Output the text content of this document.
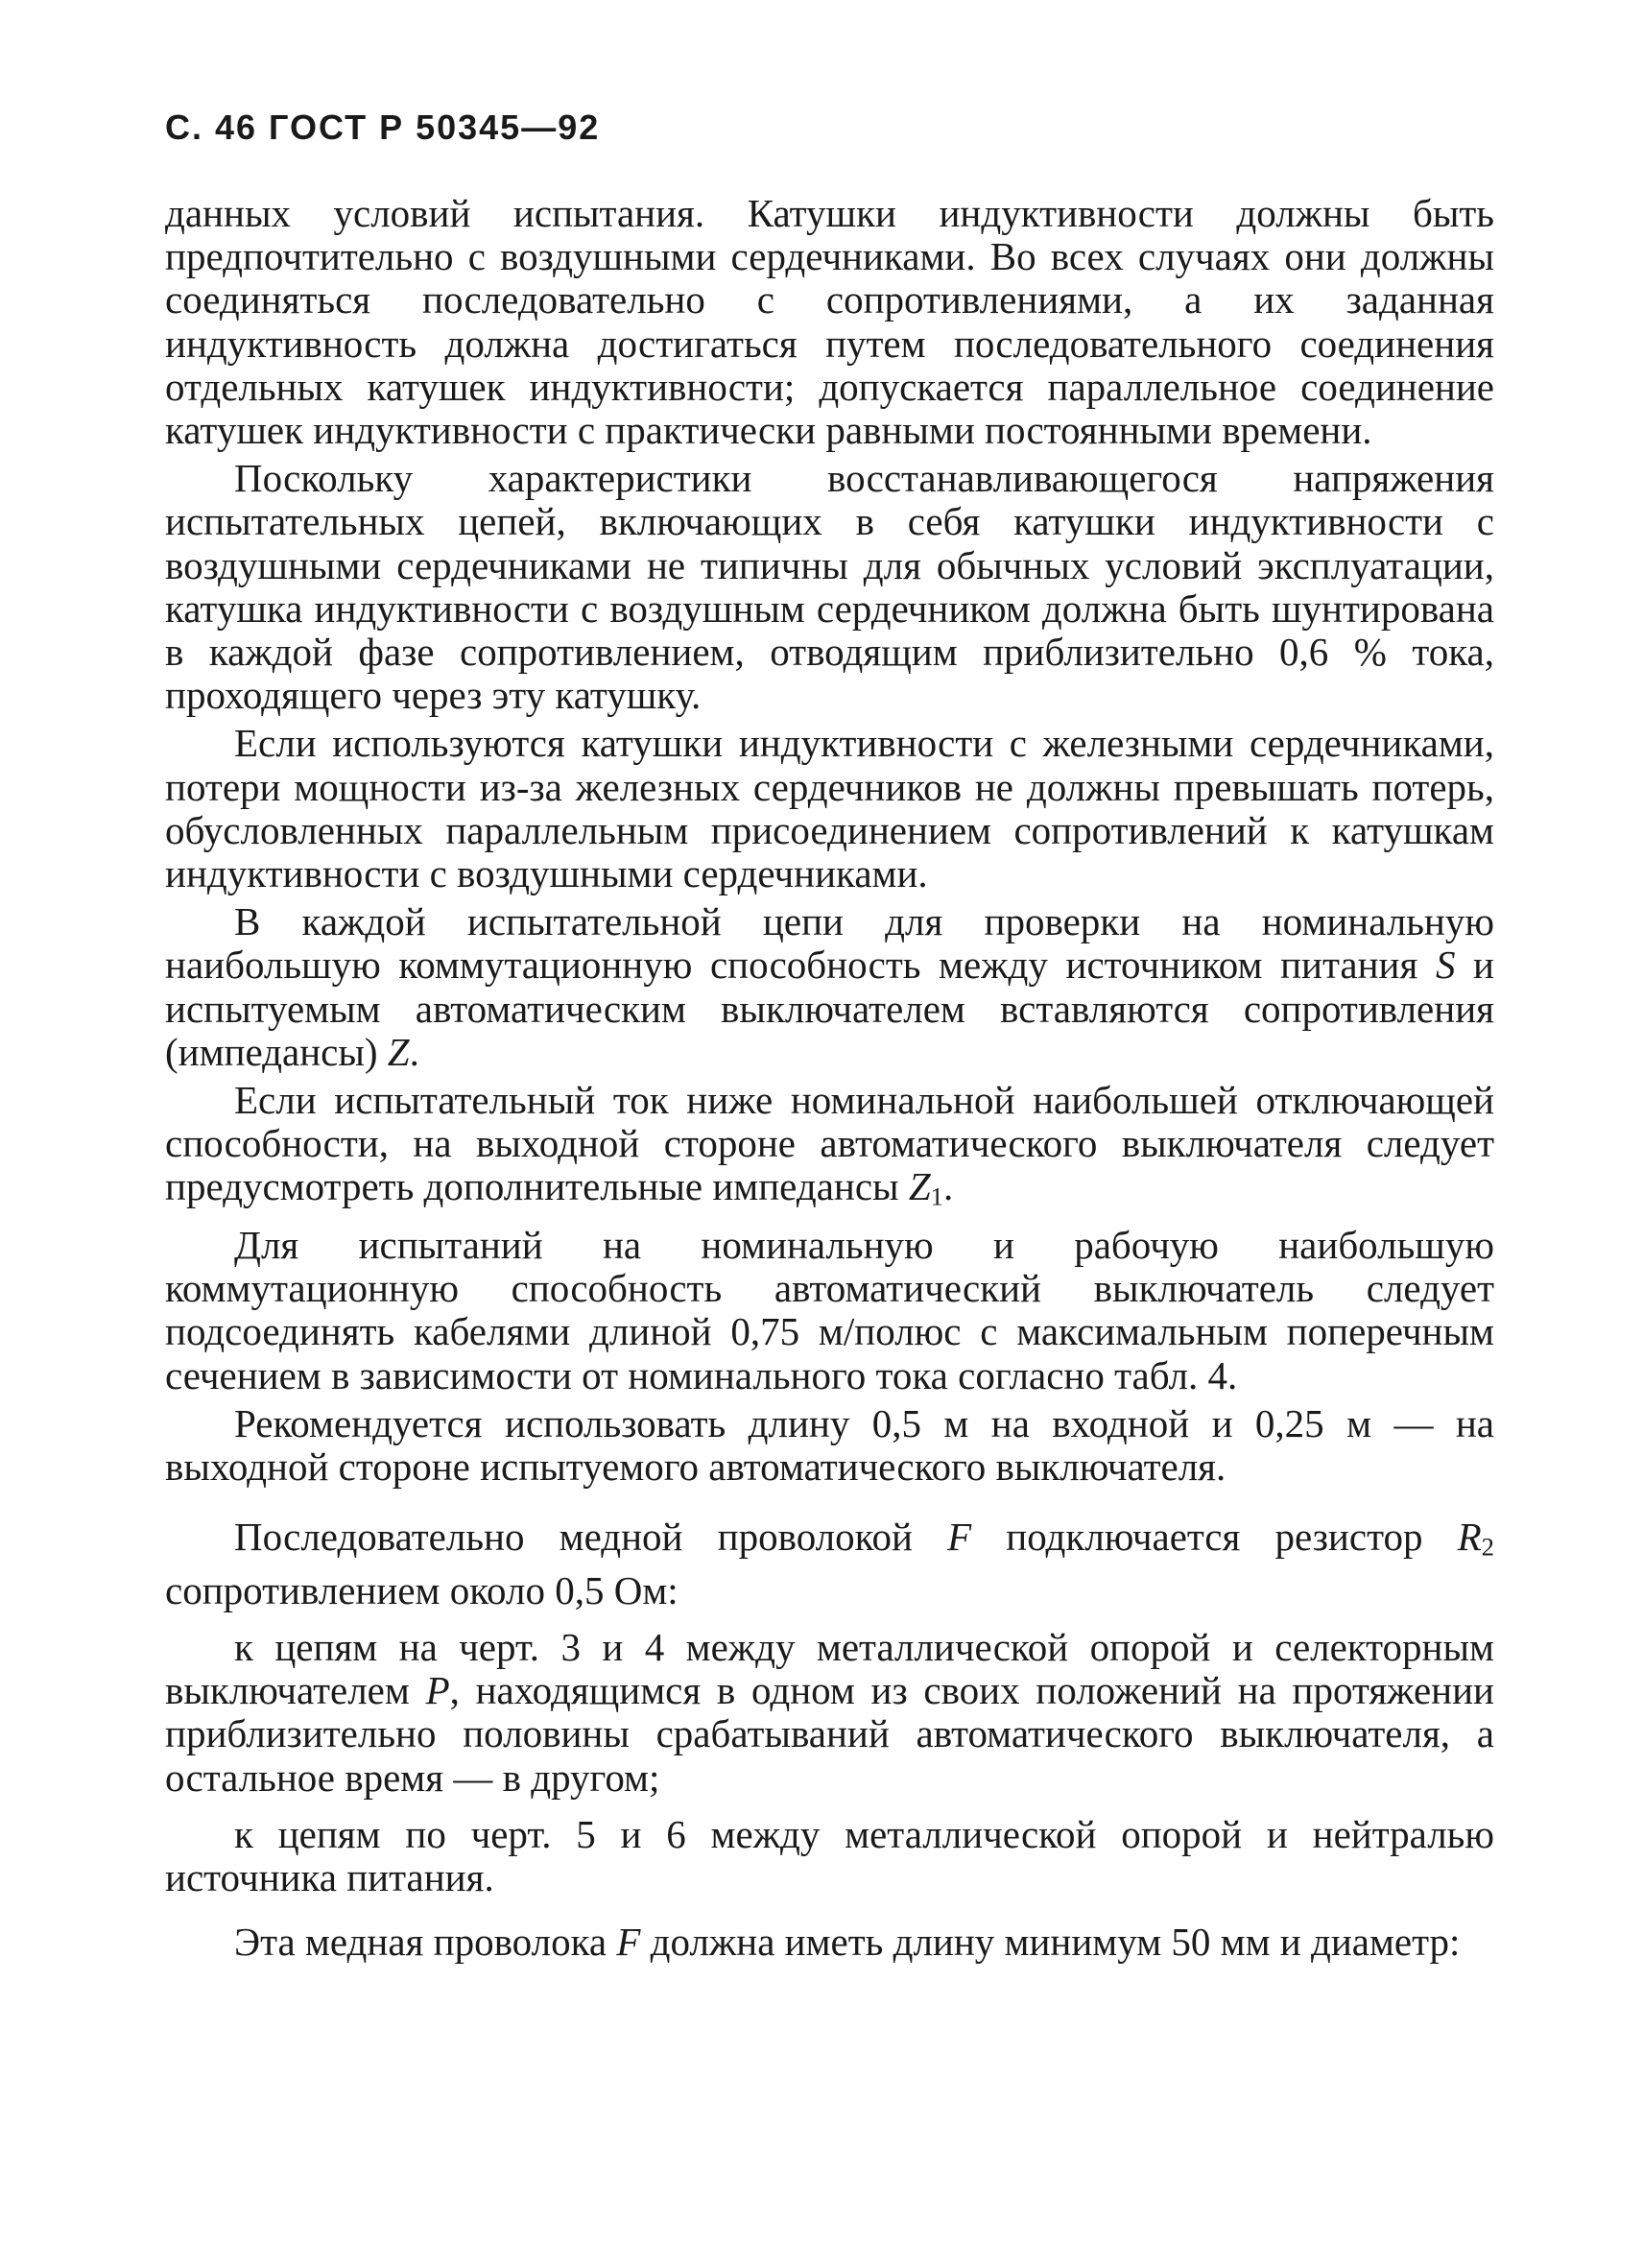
С. 46 ГОСТ Р 50345—92

данных условий испытания. Катушки индуктивности должны быть предпочтительно с воздушными сердечниками. Во всех случаях они должны соединяться последовательно с сопротивлениями, а их заданная индуктивность должна достигаться путем последовательного соединения отдельных катушек индуктивности; допускается параллельное соединение катушек индуктивности с практически равными постоянными времени.

Поскольку характеристики восстанавливающегося напряжения испытательных цепей, включающих в себя катушки индуктивности с воздушными сердечниками не типичны для обычных условий эксплуатации, катушка индуктивности с воздушным сердечником должна быть шунтирована в каждой фазе сопротивлением, отводящим приблизительно 0,6 % тока, проходящего через эту катушку.

Если используются катушки индуктивности с железными сердечниками, потери мощности из-за железных сердечников не должны превышать потерь, обусловленных параллельным присоединением сопротивлений к катушкам индуктивности с воздушными сердечниками.

В каждой испытательной цепи для проверки на номинальную наибольшую коммутационную способность между источником питания S и испытуемым автоматическим выключателем вставляются сопротивления (импедансы) Z.

Если испытательный ток ниже номинальной наибольшей отключающей способности, на выходной стороне автоматического выключателя следует предусмотреть дополнительные импедансы $Z_1$.

Для испытаний на номинальную и рабочую наибольшую коммутационную способность автоматический выключатель следует подсоединять кабелями длиной 0,75 м/полюс с максимальным поперечным сечением в зависимости от номинального тока согласно табл. 4.

Рекомендуется использовать длину 0,5 м на входной и 0,25 м — на выходной стороне испытуемого автоматического выключателя.

Последовательно медной проволокой F подключается резистор $R_2$ сопротивлением около 0,5 Ом:

к цепям на черт. 3 и 4 между металлической опорой и селекторным выключателем P, находящимся в одном из своих положений на протяжении приблизительно половины срабатываний автоматического выключателя, а остальное время — в другом;

к цепям по черт. 5 и 6 между металлической опорой и нейтралью источника питания.

Эта медная проволока F должна иметь длину минимум 50 мм и диаметр:
